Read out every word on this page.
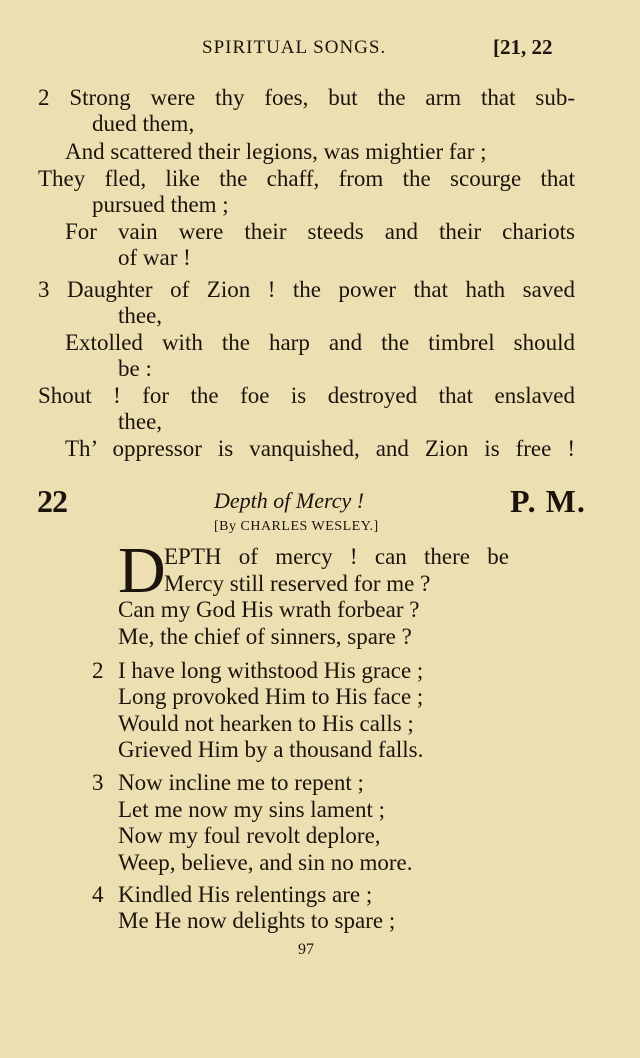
SPIRITUAL SONGS.	[21, 22
2 Strong were thy foes, but the arm that sub-
dued them,
And scattered their legions, was mightier far ;
They fled, like the chaff, from the scourge that
pursued them ;
For vain were their steeds and their chariots
of war !
3 Daughter of Zion ! the power that hath saved
thee,
Extolled with the harp and the timbrel should
be :
Shout ! for the foe is destroyed that enslaved
thee,
Th’ oppressor is vanquished, and Zion is free !
22	Depth of Mercy !	P. M.
[By CHARLES WESLEY.]
D
EPTH of mercy ! can there be
Mercy still reserved for me ?
Can my God His wrath forbear ?
Me, the chief of sinners, spare ?
2 I have long withstood His grace ;
Long provoked Him to His face ;
Would not hearken to His calls ;
Grieved Him by a thousand falls.
3 Now incline me to repent ;
Let me now my sins lament ;
Now my foul revolt deplore,
Weep, believe, and sin no more.
4 Kindled His relentings are ;
Me He now delights to spare ;
97
